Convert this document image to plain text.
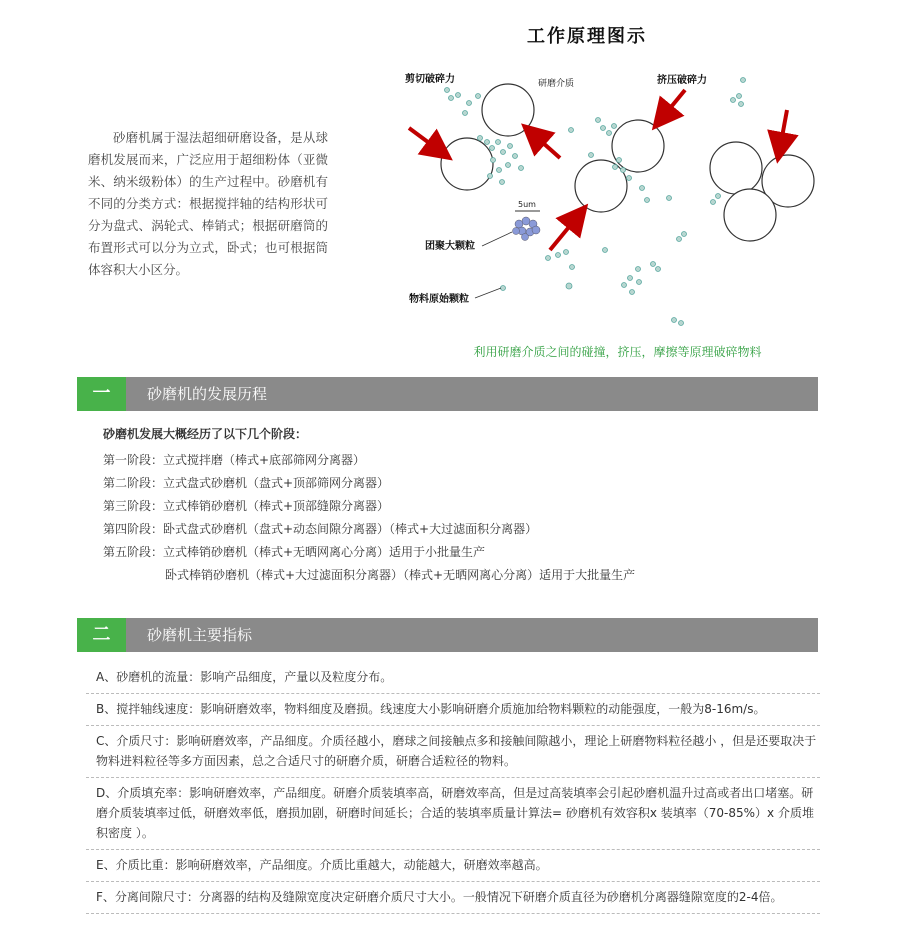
砂磨机属于湿法超细研磨设备，是从球磨机发展而来，广泛应用于超细粉体（亚微米、纳米级粉体）的生产过程中。砂磨机有不同的分类方式：根据搅拌轴的结构形状可分为盘式、涡轮式、棒销式；根据研磨筒的布置形式可以分为立式，卧式；也可根据筒体容积大小区分。

工作原理图示
5um
剪切破碎力	研磨介质	挤压破碎力
团聚大颗粒
物料原始颗粒
利用研磨介质之间的碰撞，挤压，摩擦等原理破碎物料
一	砂磨机的发展历程
砂磨机发展大概经历了以下几个阶段：
第一阶段：立式搅拌磨（棒式+底部筛网分离器）
第二阶段：立式盘式砂磨机（盘式+顶部筛网分离器）
第三阶段：立式棒销砂磨机（棒式+顶部缝隙分离器）
第四阶段：卧式盘式砂磨机（盘式+动态间隙分离器）（棒式+大过滤面积分离器）
第五阶段：立式棒销砂磨机（棒式+无晒网离心分离）适用于小批量生产
卧式棒销砂磨机（棒式+大过滤面积分离器）（棒式+无晒网离心分离）适用于大批量生产
二	砂磨机主要指标
A、砂磨机的流量：影响产品细度，产量以及粒度分布。
B、搅拌轴线速度：影响研磨效率，物料细度及磨损。线速度大小影响研磨介质施加给物料颗粒的动能强度，一般为8-16m/s。
C、介质尺寸：影响研磨效率，产品细度。介质径越小，磨球之间接触点多和接触间隙越小，理论上研磨物料粒径越小 ，但是还要取决于物料进料粒径等多方面因素，总之合适尺寸的研磨介质，研磨合适粒径的物料。
D、介质填充率：影响研磨效率，产品细度。研磨介质装填率高，研磨效率高，但是过高装填率会引起砂磨机温升过高或者出口堵塞。研磨介质装填率过低，研磨效率低，磨损加剧，研磨时间延长；合适的装填率质量计算法= 砂磨机有效容积x 装填率（70-85%）x 介质堆积密度 ）。
E、介质比重：影响研磨效率，产品细度。介质比重越大，动能越大，研磨效率越高。
F、分离间隙尺寸：分离器的结构及缝隙宽度决定研磨介质尺寸大小。一般情况下研磨介质直径为砂磨机分离器缝隙宽度的2-4倍。
